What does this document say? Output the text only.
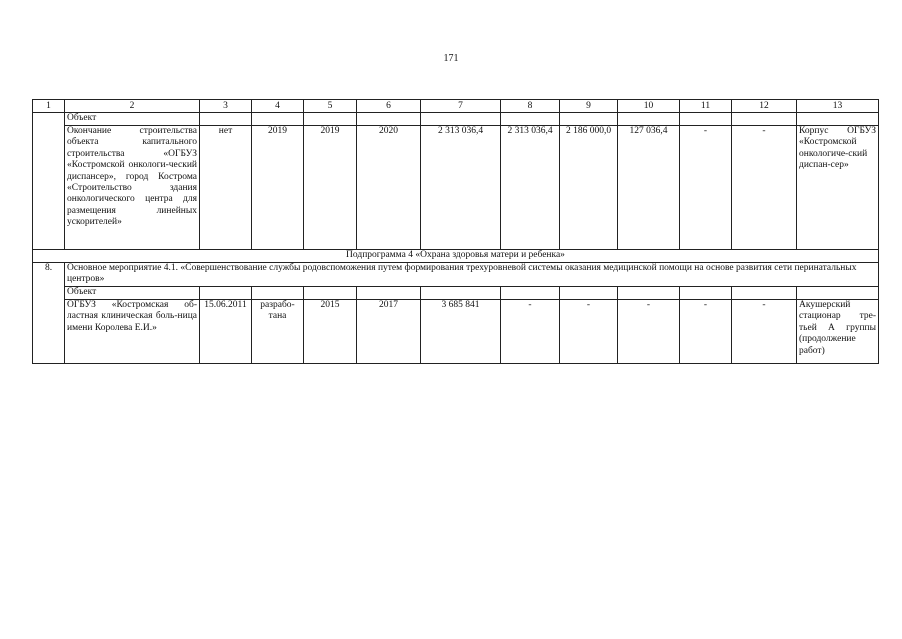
171
1	2	3	4	5	6	7	8	9	10	11	12	13
	Объект											
	Окончание строительства объекта капитального строительства «ОГБУЗ «Костромской онкологи-ческий диспансер», город Кострома «Строительство здания онкологического центра для размещения линейных ускорителей»	нет	2019	2019	2020	2 313 036,4	2 313 036,4	2 186 000,0	127 036,4	-	-	Корпус ОГБУЗ «Костромской онкологиче-ский диспан-сер»
Подпрограмма 4 «Охрана здоровья матери и ребенка»												
8.	Основное мероприятие 4.1. «Совершенствование службы родовспоможения путем формирования трехуровневой системы оказания медицинской помощи на основе развития сети перинатальных центров»											
	Объект											
	ОГБУЗ «Костромская об-ластная клиническая боль-ница имени Королева Е.И.»	15.06.2011	разрабо-тана	2015	2017	3 685 841	-	-	-	-	-	Акушерский стационар тре-тьей А группы (продолжение работ)
